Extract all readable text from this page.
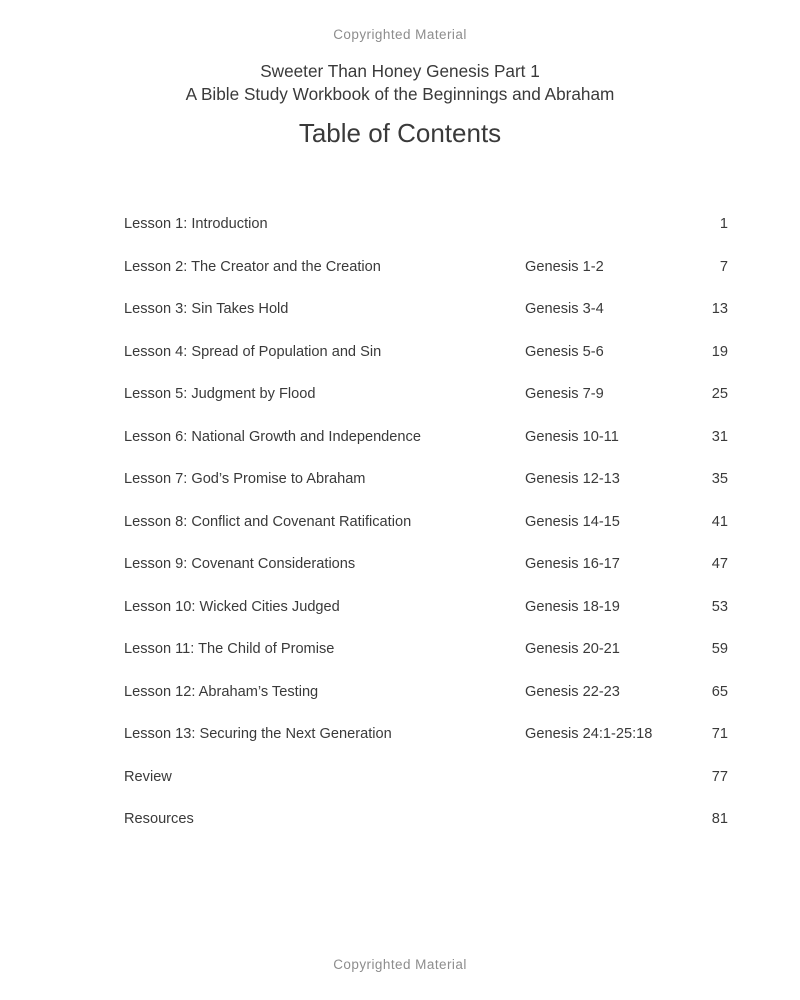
Copyrighted Material
Sweeter Than Honey Genesis Part 1
A Bible Study Workbook of the Beginnings and Abraham
Table of Contents
Lesson 1: Introduction	1
Lesson 2: The Creator and the Creation	Genesis 1-2	7
Lesson 3: Sin Takes Hold	Genesis 3-4	13
Lesson 4: Spread of Population and Sin	Genesis 5-6	19
Lesson 5: Judgment by Flood	Genesis 7-9	25
Lesson 6: National Growth and Independence	Genesis 10-11	31
Lesson 7: God’s Promise to Abraham	Genesis 12-13	35
Lesson 8: Conflict and Covenant Ratification	Genesis 14-15	41
Lesson 9: Covenant Considerations	Genesis 16-17	47
Lesson 10: Wicked Cities Judged	Genesis 18-19	53
Lesson 11: The Child of Promise	Genesis 20-21	59
Lesson 12: Abraham’s Testing	Genesis 22-23	65
Lesson 13: Securing the Next Generation	Genesis 24:1-25:18	71
Review	77
Resources	81
Copyrighted Material
